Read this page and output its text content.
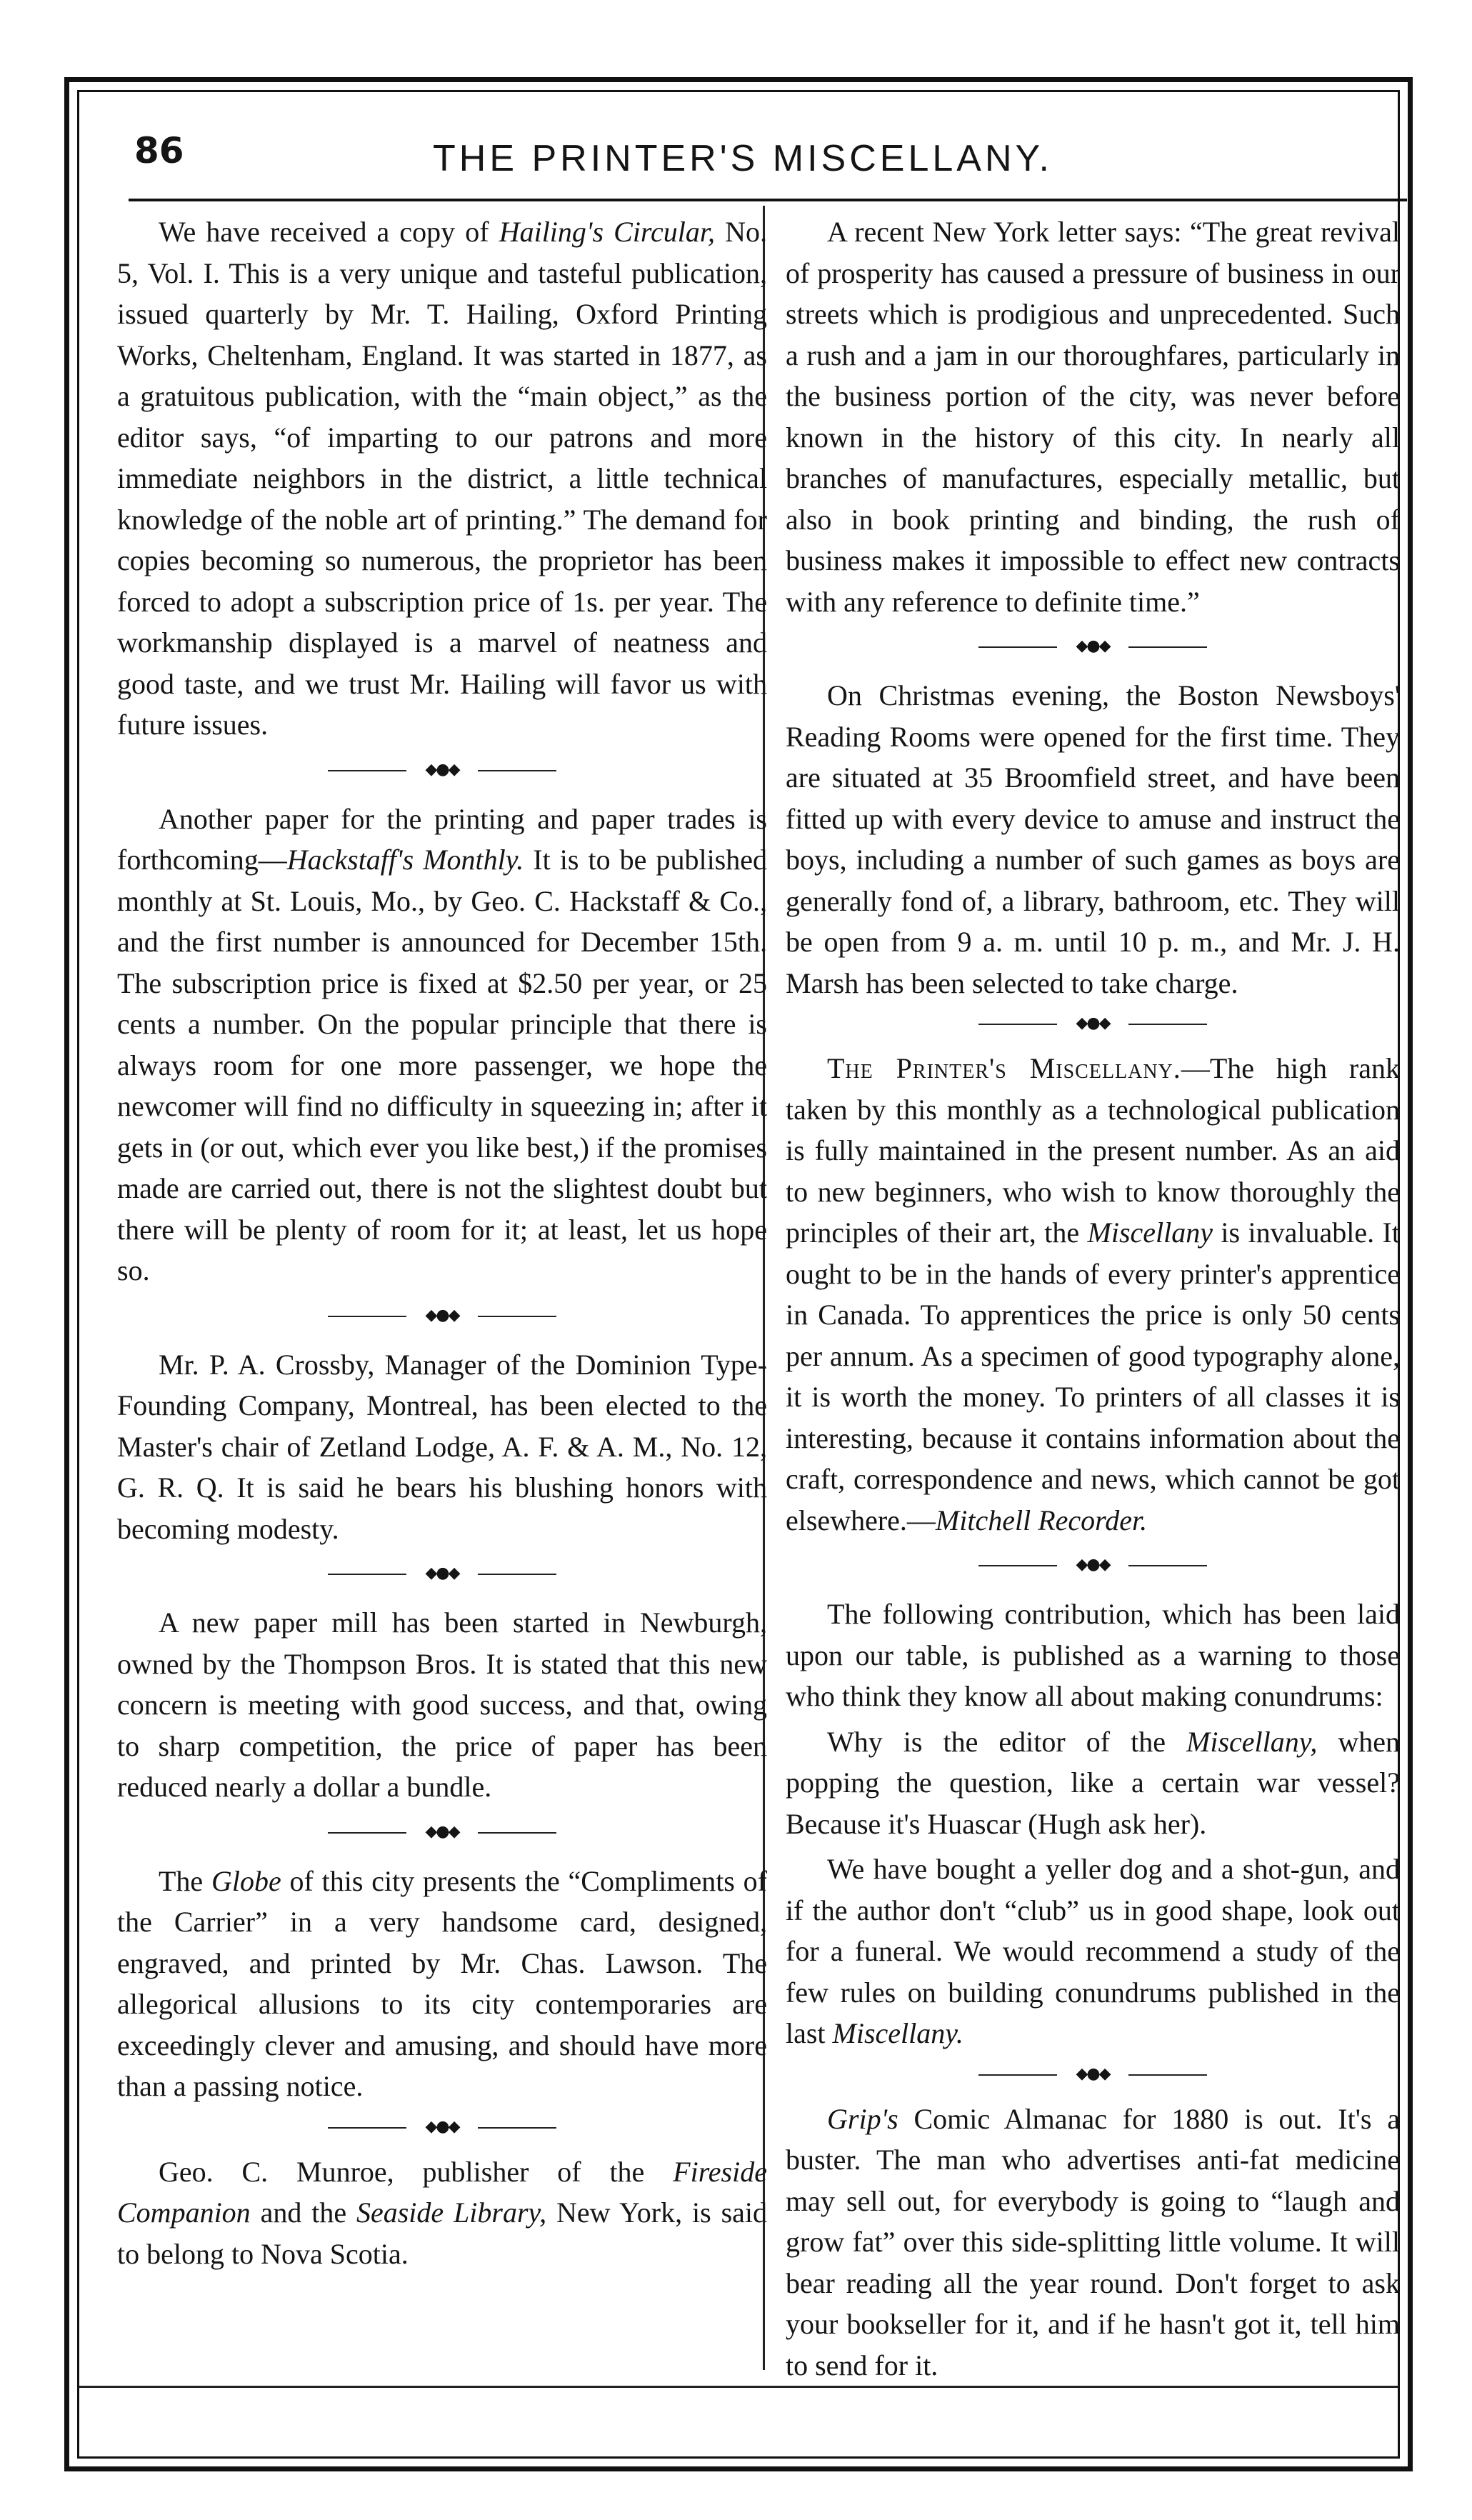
86	THE PRINTER'S MISCELLANY.

We have received a copy of Hailing's Circular, No. 5, Vol. I. This is a very unique and tasteful publication, issued quarterly by Mr. T. Hailing, Oxford Printing Works, Cheltenham, England. It was started in 1877, as a gratuitous publication, with the “main object,” as the editor says, “of imparting to our patrons and more immediate neighbors in the district, a little technical knowledge of the noble art of printing.” The demand for copies becoming so numerous, the proprietor has been forced to adopt a subscription price of 1s. per year. The workmanship displayed is a marvel of neatness and good taste, and we trust Mr. Hailing will favor us with future issues.

◆●◆

Another paper for the printing and paper trades is forthcoming—Hackstaff's Monthly. It is to be published monthly at St. Louis, Mo., by Geo. C. Hackstaff & Co., and the first number is announced for December 15th. The subscription price is fixed at $2.50 per year, or 25 cents a number. On the popular principle that there is always room for one more passenger, we hope the newcomer will find no difficulty in squeezing in; after it gets in (or out, which ever you like best,) if the promises made are carried out, there is not the slightest doubt but there will be plenty of room for it; at least, let us hope so.

◆●◆

Mr. P. A. Crossby, Manager of the Dominion Type-Founding Company, Montreal, has been elected to the Master's chair of Zetland Lodge, A. F. & A. M., No. 12, G. R. Q. It is said he bears his blushing honors with becoming modesty.

◆●◆

A new paper mill has been started in Newburgh, owned by the Thompson Bros. It is stated that this new concern is meeting with good success, and that, owing to sharp competition, the price of paper has been reduced nearly a dollar a bundle.

◆●◆

The Globe of this city presents the “Compliments of the Carrier” in a very handsome card, designed, engraved, and printed by Mr. Chas. Lawson. The allegorical allusions to its city contemporaries are exceedingly clever and amusing, and should have more than a passing notice.

◆●◆

Geo. C. Munroe, publisher of the Fireside Companion and the Seaside Library, New York, is said to belong to Nova Scotia.

A recent New York letter says: “The great revival of prosperity has caused a pressure of business in our streets which is prodigious and unprecedented. Such a rush and a jam in our thoroughfares, particularly in the business portion of the city, was never before known in the history of this city. In nearly all branches of manufactures, especially metallic, but also in book printing and binding, the rush of business makes it impossible to effect new contracts with any reference to definite time.”

◆●◆

On Christmas evening, the Boston Newsboys' Reading Rooms were opened for the first time. They are situated at 35 Broomfield street, and have been fitted up with every device to amuse and instruct the boys, including a number of such games as boys are generally fond of, a library, bathroom, etc. They will be open from 9 a. m. until 10 p. m., and Mr. J. H. Marsh has been selected to take charge.

◆●◆

The Printer's Miscellany.—The high rank taken by this monthly as a technological publication is fully maintained in the present number. As an aid to new beginners, who wish to know thoroughly the principles of their art, the Miscellany is invaluable. It ought to be in the hands of every printer's apprentice in Canada. To apprentices the price is only 50 cents per annum. As a specimen of good typography alone, it is worth the money. To printers of all classes it is interesting, because it contains information about the craft, correspondence and news, which cannot be got elsewhere.—Mitchell Recorder.

◆●◆

The following contribution, which has been laid upon our table, is published as a warning to those who think they know all about making conundrums:

Why is the editor of the Miscellany, when popping the question, like a certain war vessel? Because it's Huascar (Hugh ask her).

We have bought a yeller dog and a shot-gun, and if the author don't “club” us in good shape, look out for a funeral. We would recommend a study of the few rules on building conundrums published in the last Miscellany.

◆●◆

Grip's Comic Almanac for 1880 is out. It's a buster. The man who advertises anti-fat medicine may sell out, for everybody is going to “laugh and grow fat” over this side-splitting little volume. It will bear reading all the year round. Don't forget to ask your bookseller for it, and if he hasn't got it, tell him to send for it.
